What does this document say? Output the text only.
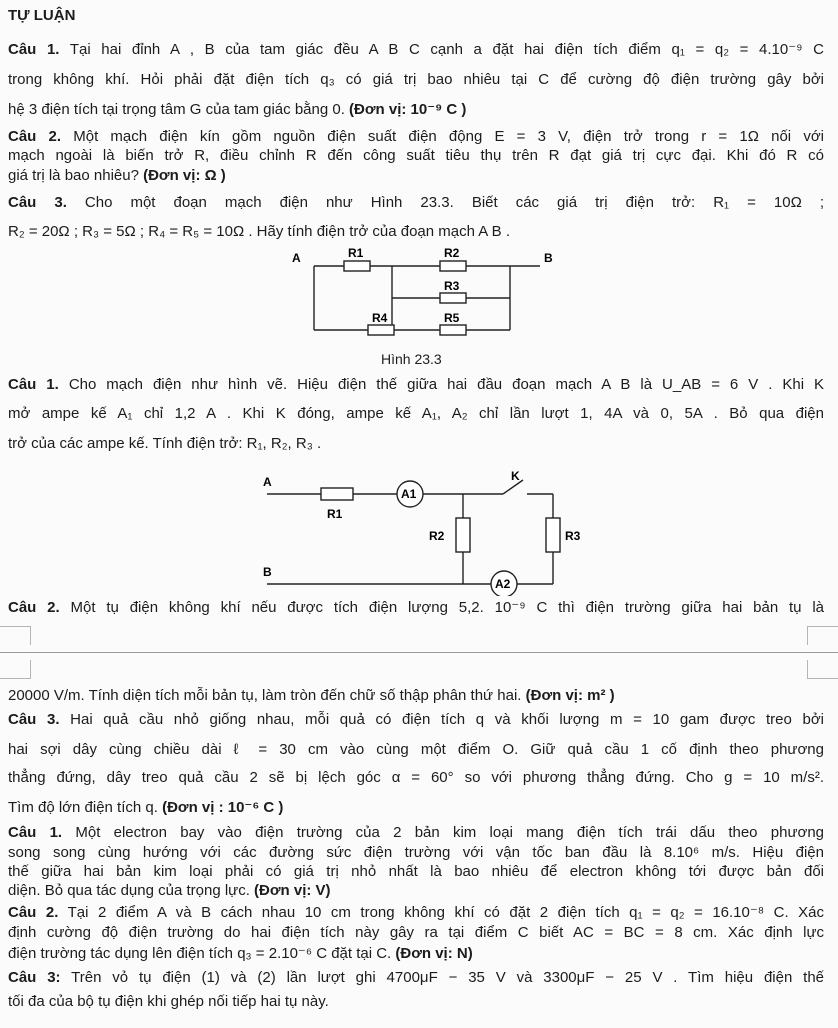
TỰ LUẬN
Câu 1. Tại hai đỉnh A , B của tam giác đều A B C cạnh a đặt hai điện tích điểm q₁ = q₂ = 4.10⁻⁹ C
trong không khí. Hỏi phải đặt điện tích q₃ có giá trị bao nhiêu tại C để cường độ điện trường gây bởi
hệ 3 điện tích tại trọng tâm G của tam giác bằng 0. (Đơn vị: 10⁻⁹ C )
Câu 2. Một mạch điện kín gồm nguồn điện suất điện động E = 3 V, điện trở trong r = 1Ω nối với
mạch ngoài là biến trở R, điều chỉnh R đến công suất tiêu thụ trên R đạt giá trị cực đại. Khi đó R có
giá trị là bao nhiêu? (Đơn vị: Ω )
Câu 3. Cho một đoạn mạch điện như Hình 23.3. Biết các giá trị điện trở: R₁ = 10Ω ;
R₂ = 20Ω ; R₃ = 5Ω ; R₄ = R₅ = 10Ω . Hãy tính điện trở của đoạn mạch A B .
A	B
R1	R2
R3
R4	R5
Hình 23.3
Câu 1. Cho mạch điện như hình vẽ. Hiệu điện thế giữa hai đầu đoạn mạch A B là U_AB = 6 V . Khi K
mở ampe kế A₁ chỉ 1,2 A . Khi K đóng, ampe kế A₁, A₂ chỉ lần lượt 1, 4A và 0, 5A . Bỏ qua điện
trở của các ampe kế. Tính điện trở: R₁, R₂, R₃ .
A1
A2
A
B
K
R1
R2	R3
Câu 2. Một tụ điện không khí nếu được tích điện lượng 5,2. 10⁻⁹ C thì điện trường giữa hai bản tụ là
20000 V/m. Tính diện tích mỗi bản tụ, làm tròn đến chữ số thập phân thứ hai. (Đơn vị: m² )
Câu 3. Hai quả cầu nhỏ giống nhau, mỗi quả có điện tích q và khối lượng m = 10 gam được treo bởi
hai sợi dây cùng chiều dài ℓ = 30 cm vào cùng một điểm O. Giữ quả cầu 1 cố định theo phương
thẳng đứng, dây treo quả cầu 2 sẽ bị lệch góc α = 60° so với phương thẳng đứng. Cho g = 10 m/s².
Tìm độ lớn điện tích q. (Đơn vị : 10⁻⁶ C )
Câu 1. Một electron bay vào điện trường của 2 bản kim loại mang điện tích trái dấu theo phương
song song cùng hướng với các đường sức điện trường với vận tốc ban đầu là 8.10⁶ m/s. Hiệu điện
thế giữa hai bản kim loại phải có giá trị nhỏ nhất là bao nhiêu để electron không tới được bản đối
diện. Bỏ qua tác dụng của trọng lực. (Đơn vị: V)
Câu 2. Tại 2 điểm A và B cách nhau 10 cm trong không khí có đặt 2 điện tích q₁ = q₂ = 16.10⁻⁸ C. Xác
định cường độ điện trường do hai điện tích này gây ra tại điểm C biết AC = BC = 8 cm. Xác định lực
điện trường tác dụng lên điện tích q₃ = 2.10⁻⁶ C đặt tại C. (Đơn vị: N)
Câu 3: Trên vỏ tụ điện (1) và (2) lần lượt ghi 4700μF − 35 V và 3300μF − 25 V . Tìm hiệu điện thế
tối đa của bộ tụ điện khi ghép nối tiếp hai tụ này.
